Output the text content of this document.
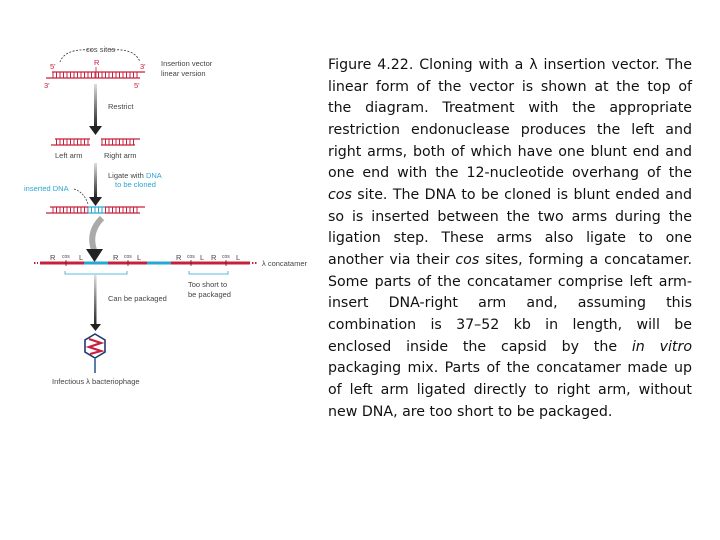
cos sites
5'	R	3'
3'	5'
Insertion vector
linear version
Restrict
Left arm	Right arm
Ligate with DNA
to be cloned
inserted DNA
R cos L	R cos L	R cos L R cos L
λ concatamer
Too short to
be packaged
Can be packaged
Infectious λ bacteriophage
Figure 4.22. Cloning with a λ insertion vector. The
linear form of the vector is shown at the top of
the diagram. Treatment with the appropriate
restriction endonuclease produces the left and
right arms, both of which have one blunt end and
one end with the 12-nucleotide overhang of the
cos site. The DNA to be cloned is blunt ended and
so is inserted between the two arms during the
ligation step. These arms also ligate to one
another via their cos sites, forming a concatamer.
Some parts of the concatamer comprise left arm-
insert DNA-right arm and, assuming this
combination is 37–52 kb in length, will be
enclosed inside the capsid by the in vitro
packaging mix. Parts of the concatamer made up
of left arm ligated directly to right arm, without
new DNA, are too short to be packaged.
